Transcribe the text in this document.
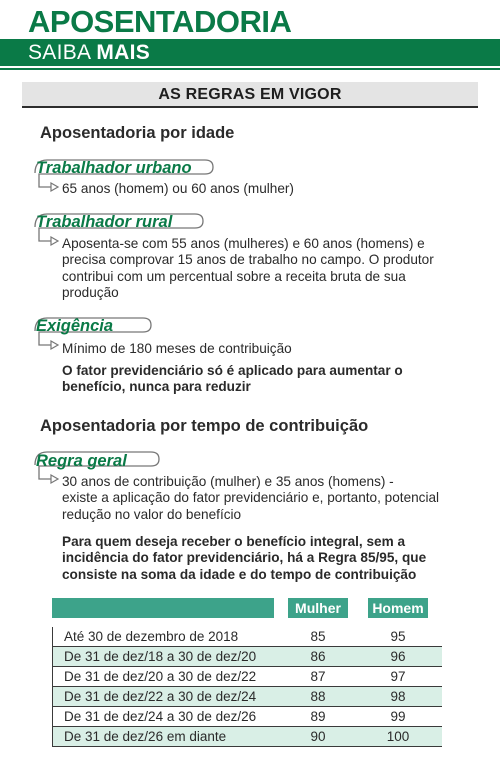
APOSENTADORIA
SAIBA MAIS
AS REGRAS EM VIGOR
Aposentadoria por idade
Trabalhador urbano
65 anos (homem) ou 60 anos (mulher)
Trabalhador rural
Aposenta-se com 55 anos (mulheres) e 60 anos (homens) e
precisa comprovar 15 anos de trabalho no campo. O produtor
contribui com um percentual sobre a receita bruta de sua
produção
Exigência
Mínimo de 180 meses de contribuição
O fator previdenciário só é aplicado para aumentar o
benefício, nunca para reduzir
Aposentadoria por tempo de contribuição
Regra geral
30 anos de contribuição (mulher) e 35 anos (homens) -
existe a aplicação do fator previdenciário e, portanto, potencial
redução no valor do benefício
Para quem deseja receber o benefício integral, sem a
incidência do fator previdenciário, há a Regra 85/95, que
consiste na soma da idade e do tempo de contribuição
		Mulher		Homem	

Até 30 de dezembro de 2018		85		95	
De 31 de dez/18 a 30 de dez/20		86		96	
De 31 de dez/20 a 30 de dez/22		87		97	
De 31 de dez/22 a 30 de dez/24		88		98	
De 31 de dez/24 a 30 de dez/26		89		99	
De 31 de dez/26 em diante		90		100	
